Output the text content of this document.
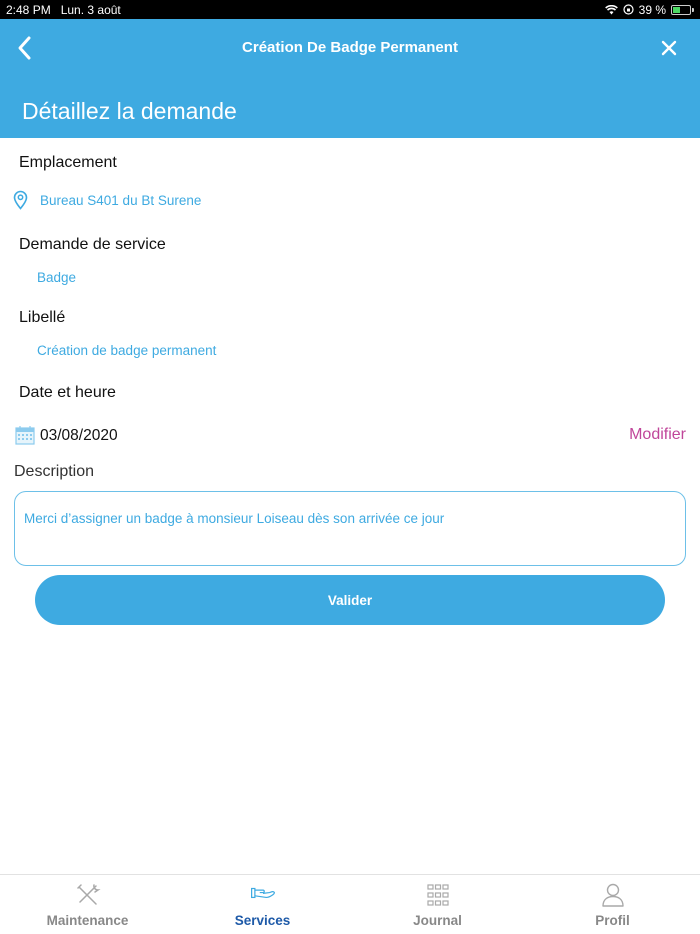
2:48 PM Lun. 3 août	39 %
Création De Badge Permanent
Détaillez la demande
Emplacement
Bureau S401 du Bt Surene
Demande de service
Badge
Libellé
Création de badge permanent
Date et heure
03/08/2020	Modifier
Description
Merci d’assigner un badge à monsieur Loiseau dès son arrivée ce jour
Valider
Maintenance	Services	Journal	Profil
